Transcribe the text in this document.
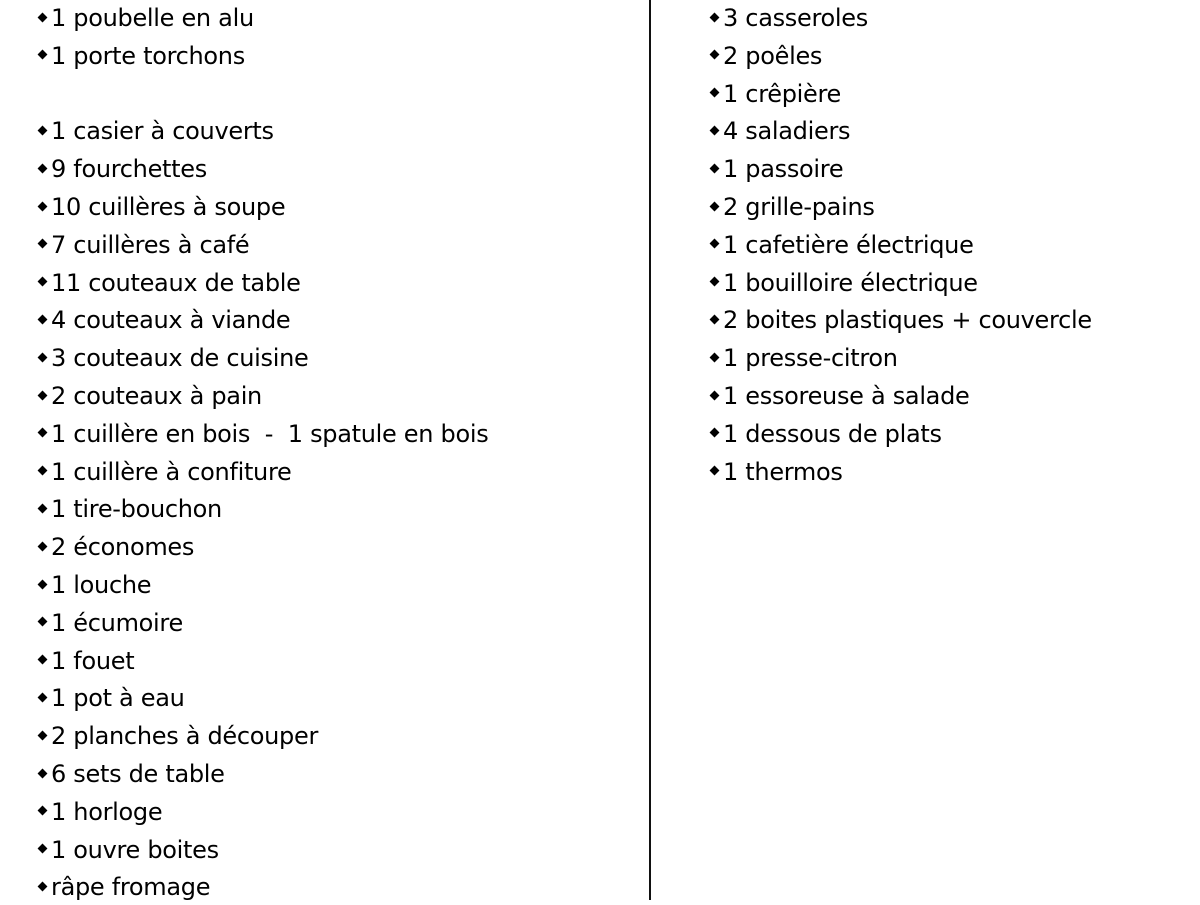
1 poubelle en alu
1 porte torchons
1 casier à couverts
9 fourchettes
10 cuillères à soupe
7 cuillères à café
11 couteaux de table
4 couteaux à viande
3 couteaux de cuisine
2 couteaux à pain
1 cuillère en bois  -  1 spatule en bois
1 cuillère à confiture
1 tire-bouchon
2 économes
1 louche
1 écumoire
1 fouet
1 pot à eau
2 planches à découper
6 sets de table
1 horloge
1 ouvre boites
râpe fromage
3 casseroles
2 poêles
1 crêpière
4 saladiers
1 passoire
2 grille-pains
1 cafetière électrique
1 bouilloire électrique
2 boites plastiques + couvercle
1 presse-citron
1 essoreuse à salade
1 dessous de plats
1 thermos
